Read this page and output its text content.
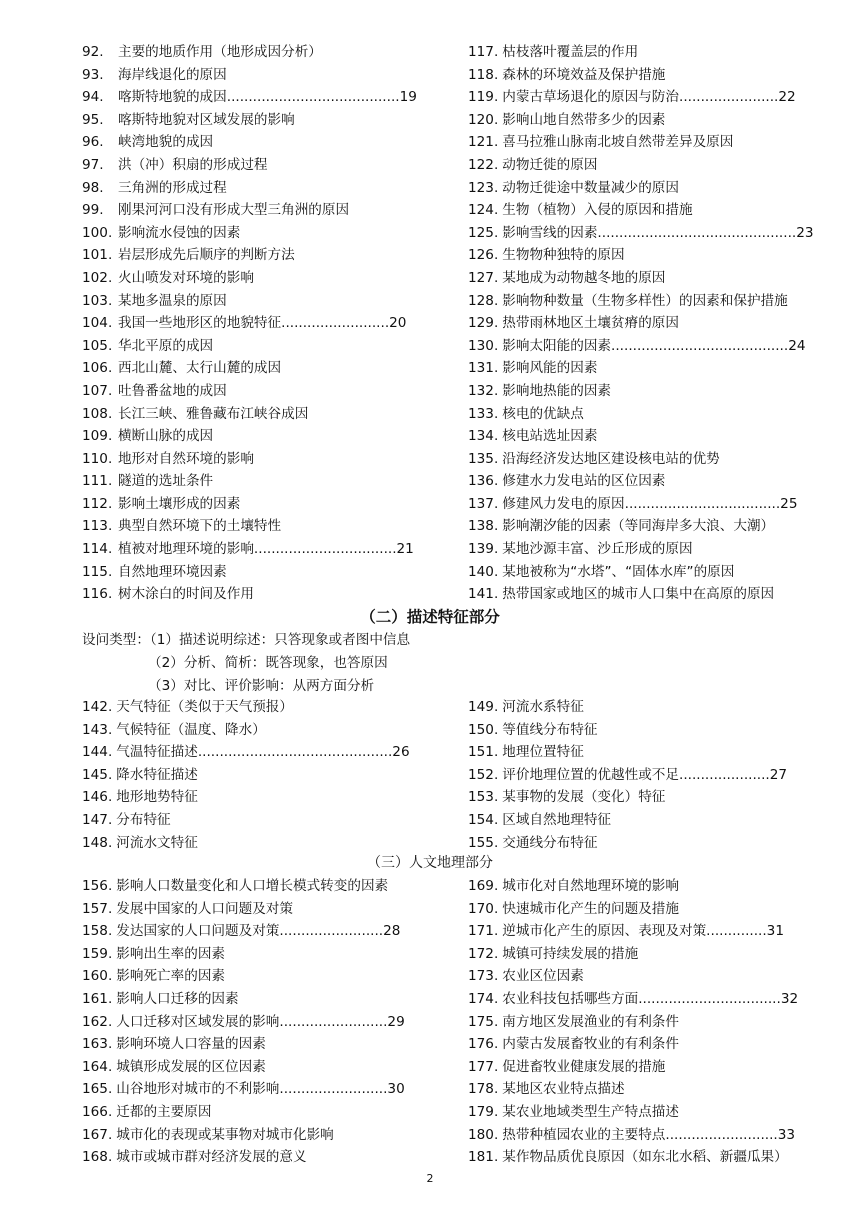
92.	主要的地质作用（地形成因分析）
93.	海岸线退化的原因
94.	喀斯特地貌的成因........................................19
95.	喀斯特地貌对区域发展的影响
96.	峡湾地貌的成因
97.	洪（冲）积扇的形成过程
98.	三角洲的形成过程
99.	刚果河河口没有形成大型三角洲的原因
100. 影响流水侵蚀的因素
101. 岩层形成先后顺序的判断方法
102. 火山喷发对环境的影响
103. 某地多温泉的原因
104. 我国一些地形区的地貌特征.........................20
105. 华北平原的成因
106. 西北山麓、太行山麓的成因
107. 吐鲁番盆地的成因
108. 长江三峡、雅鲁藏布江峡谷成因
109. 横断山脉的成因
110. 地形对自然环境的影响
111. 隧道的选址条件
112. 影响土壤形成的因素
113. 典型自然环境下的土壤特性
114. 植被对地理环境的影响.................................21
115. 自然地理环境因素
116. 树木涂白的时间及作用
117. 枯枝落叶覆盖层的作用
118. 森林的环境效益及保护措施
119. 内蒙古草场退化的原因与防治.......................22
120. 影响山地自然带多少的因素
121. 喜马拉雅山脉南北坡自然带差异及原因
122. 动物迁徙的原因
123. 动物迁徙途中数量减少的原因
124. 生物（植物）入侵的原因和措施
125. 影响雪线的因素..............................................23
126. 生物物种独特的原因
127. 某地成为动物越冬地的原因
128. 影响物种数量（生物多样性）的因素和保护措施
129. 热带雨林地区土壤贫瘠的原因
130. 影响太阳能的因素.........................................24
131. 影响风能的因素
132. 影响地热能的因素
133. 核电的优缺点
134. 核电站选址因素
135. 沿海经济发达地区建设核电站的优势
136. 修建水力发电站的区位因素
137. 修建风力发电的原因....................................25
138. 影响潮汐能的因素（等同海岸多大浪、大潮）
139. 某地沙源丰富、沙丘形成的原因
140. 某地被称为“水塔”、“固体水库”的原因
141. 热带国家或地区的城市人口集中在高原的原因
（二）描述特征部分
设问类型：（1）描述说明综述：只答现象或者图中信息
（2）分析、简析：既答现象，也答原因
（3）对比、评价影响：从两方面分析
142. 天气特征（类似于天气预报）
143. 气候特征（温度、降水）
144. 气温特征描述.............................................26
145. 降水特征描述
146. 地形地势特征
147. 分布特征
148. 河流水文特征
149. 河流水系特征
150. 等值线分布特征
151. 地理位置特征
152. 评价地理位置的优越性或不足.....................27
153. 某事物的发展（变化）特征
154. 区域自然地理特征
155. 交通线分布特征
（三）人文地理部分
156. 影响人口数量变化和人口增长模式转变的因素
157. 发展中国家的人口问题及对策
158. 发达国家的人口问题及对策........................28
159. 影响出生率的因素
160. 影响死亡率的因素
161. 影响人口迁移的因素
162. 人口迁移对区域发展的影响.........................29
163. 影响环境人口容量的因素
164. 城镇形成发展的区位因素
165. 山谷地形对城市的不利影响.........................30
166. 迁都的主要原因
167. 城市化的表现或某事物对城市化影响
168. 城市或城市群对经济发展的意义
169. 城市化对自然地理环境的影响
170. 快速城市化产生的问题及措施
171. 逆城市化产生的原因、表现及对策..............31
172. 城镇可持续发展的措施
173. 农业区位因素
174. 农业科技包括哪些方面.................................32
175. 南方地区发展渔业的有利条件
176. 内蒙古发展畜牧业的有利条件
177. 促进畜牧业健康发展的措施
178. 某地区农业特点描述
179. 某农业地域类型生产特点描述
180. 热带种植园农业的主要特点..........................33
181. 某作物品质优良原因（如东北水稻、新疆瓜果）
2
